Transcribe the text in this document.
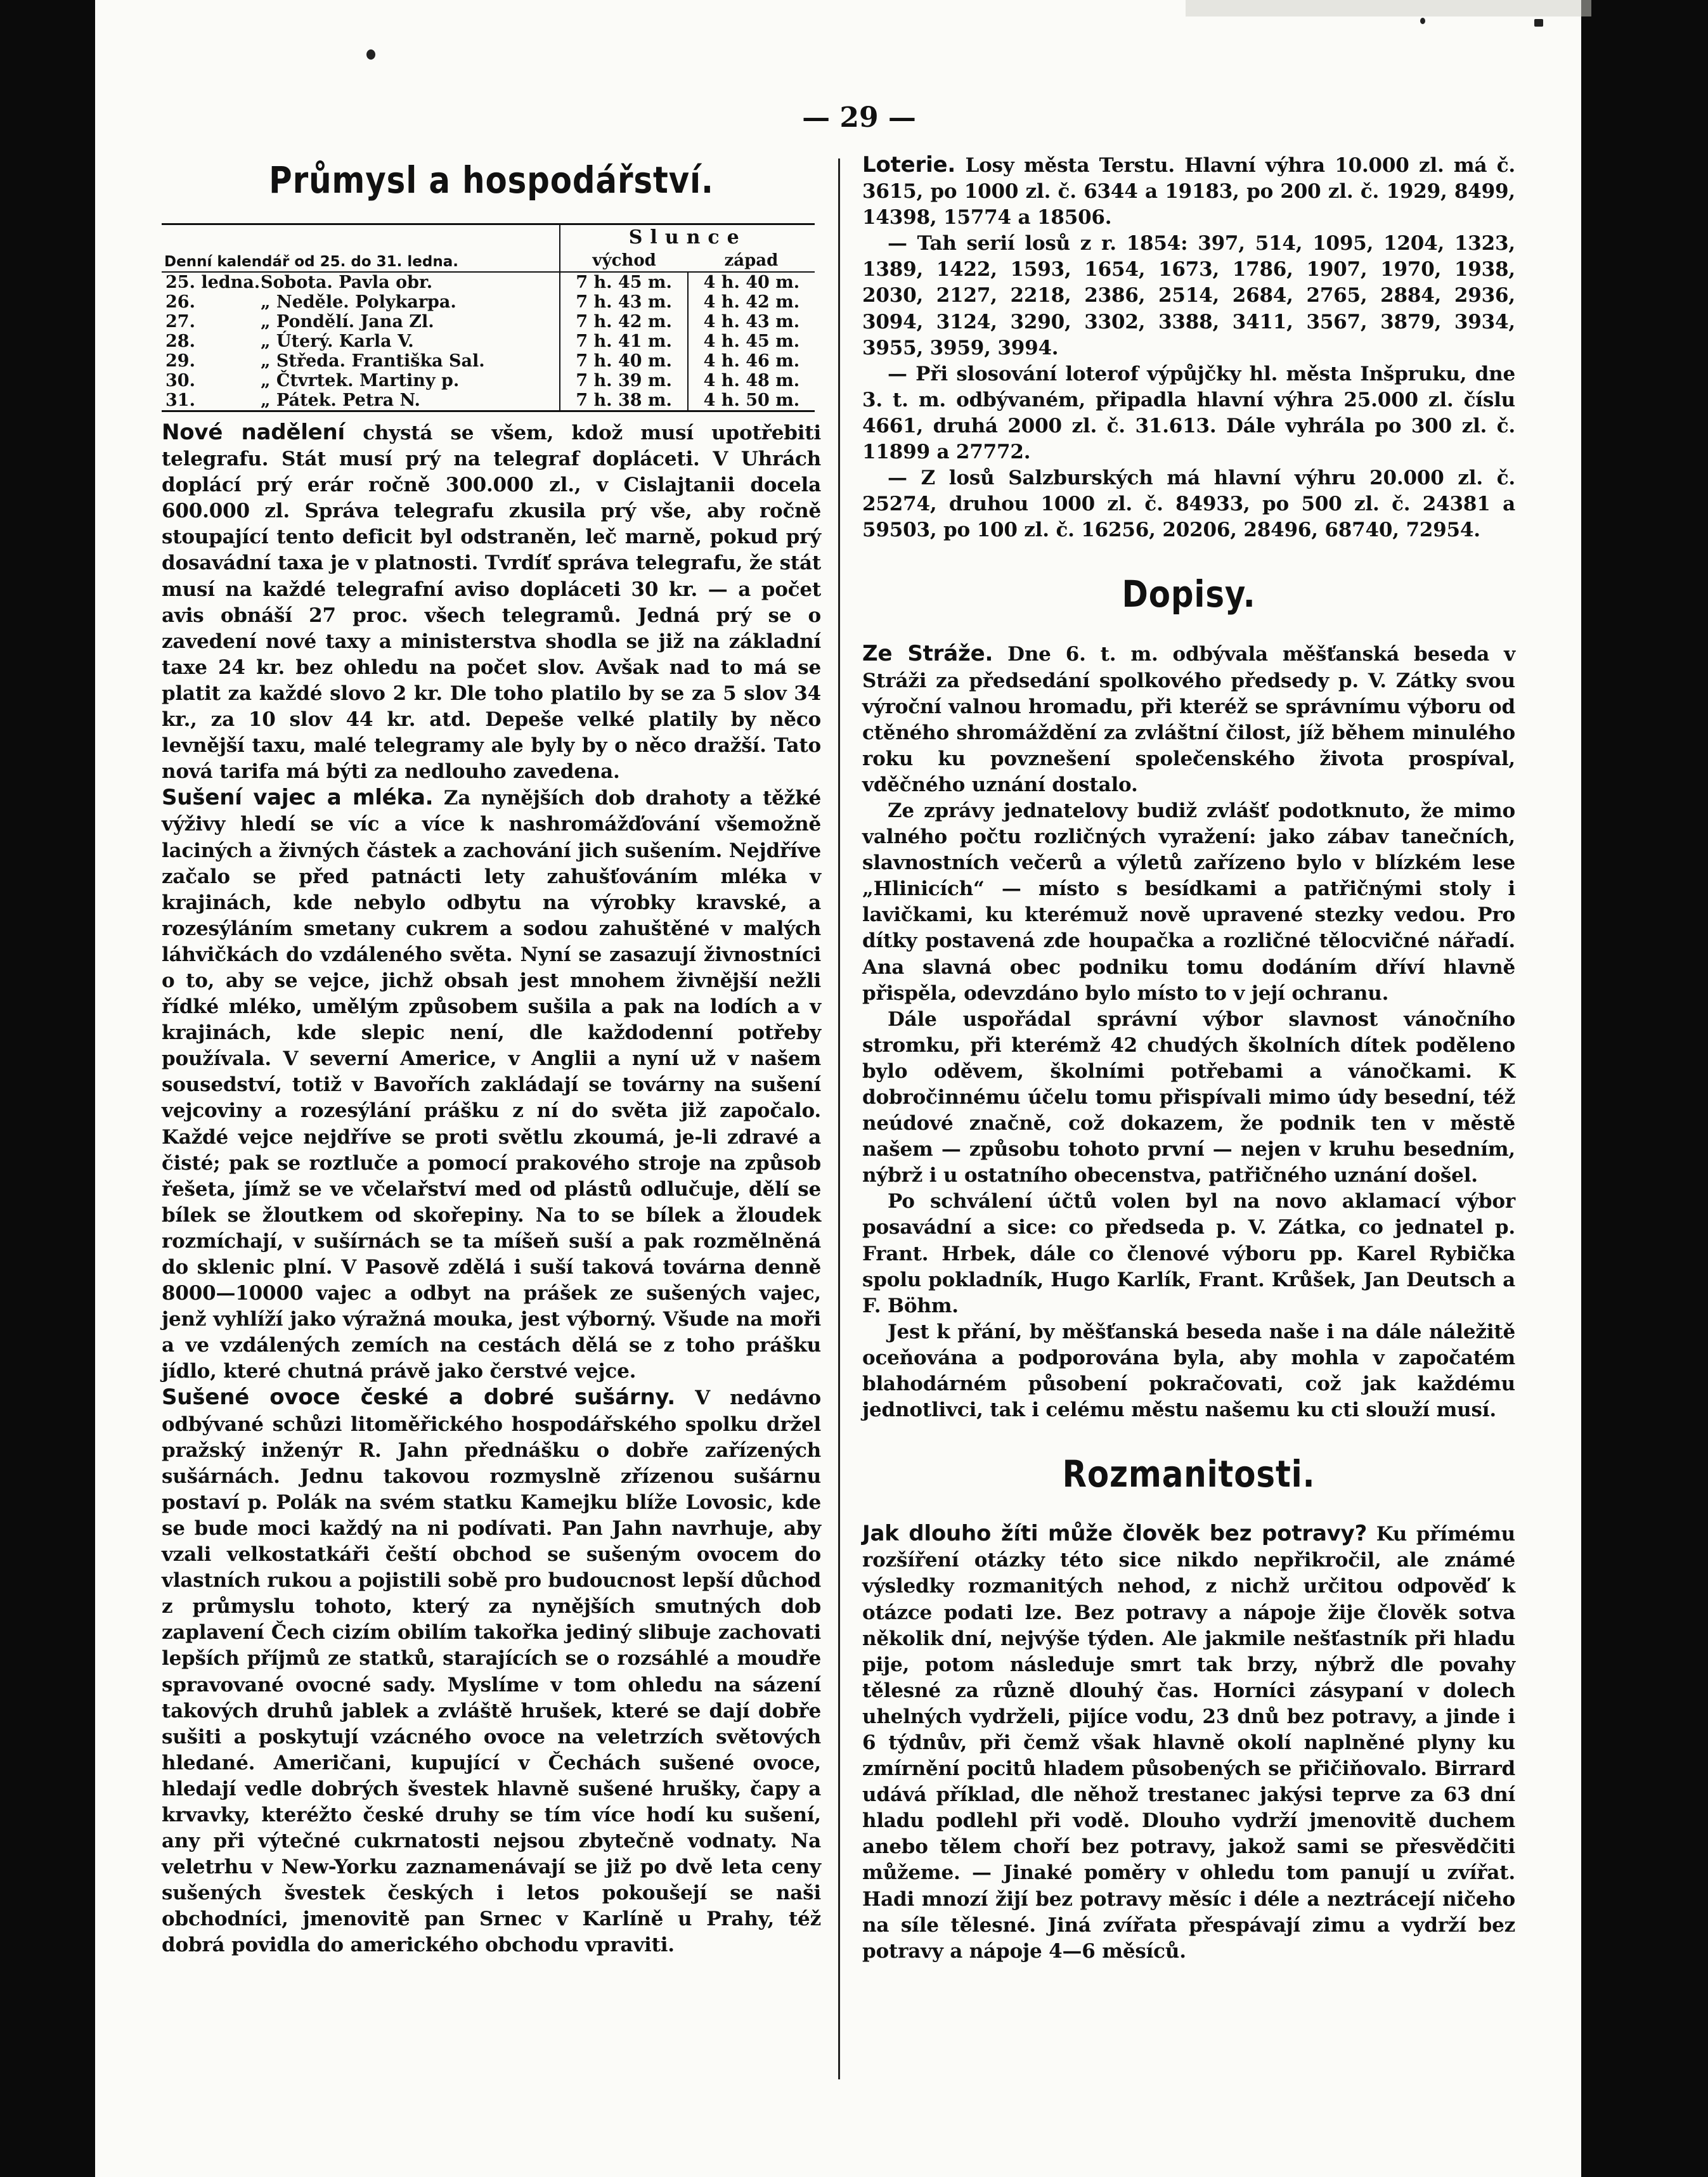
— 29 —
Průmysl a hospodářství.
Denní kalendář od 25. do 31. ledna.	Slunce	
	východ	západ
25. ledna.Sobota. Pavla obr.	7 h. 45 m.	4 h. 40 m.
26. „ Neděle. Polykarpa.	7 h. 43 m.	4 h. 42 m.
27. „ Pondělí. Jana Zl.	7 h. 42 m.	4 h. 43 m.
28. „ Úterý. Karla V.	7 h. 41 m.	4 h. 45 m.
29. „ Středa. Františka Sal.	7 h. 40 m.	4 h. 46 m.
30. „ Čtvrtek. Martiny p.	7 h. 39 m.	4 h. 48 m.
31. „ Pátek. Petra N.	7 h. 38 m.	4 h. 50 m.

Nové nadělení chystá se všem, kdož musí upotřebiti telegrafu. Stát musí prý na telegraf dopláceti. V Uhrách doplácí prý erár ročně 300.000 zl., v Cislajtanii docela 600.000 zl. Správa telegrafu zkusila prý vše, aby ročně stoupající tento deficit byl odstraněn, leč marně, pokud prý dosavádní taxa je v platnosti. Tvrdíť správa telegrafu, že stát musí na každé telegrafní aviso dopláceti 30 kr. — a počet avis obnáší 27 proc. všech telegramů. Jedná prý se o zavedení nové taxy a ministerstva shodla se již na základní taxe 24 kr. bez ohledu na počet slov. Avšak nad to má se platit za každé slovo 2 kr. Dle toho platilo by se za 5 slov 34 kr., za 10 slov 44 kr. atd. Depeše velké platily by něco levnější taxu, malé telegramy ale byly by o něco dražší. Tato nová tarifa má býti za nedlouho zavedena.

Sušení vajec a mléka. Za nynějších dob drahoty a těžké výživy hledí se víc a více k nashromážďování všemožně laciných a živných částek a zachování jich sušením. Nejdříve začalo se před patnácti lety zahušťováním mléka v krajinách, kde nebylo odbytu na výrobky kravské, a rozesýláním smetany cukrem a sodou zahuštěné v malých láhvičkách do vzdáleného světa. Nyní se zasazují živnostníci o to, aby se vejce, jichž obsah jest mnohem živnější nežli řídké mléko, umělým způsobem sušila a pak na lodích a v krajinách, kde slepic není, dle každodenní potřeby používala. V severní Americe, v Anglii a nyní už v našem sousedství, totiž v Bavořích zakládají se továrny na sušení vejcoviny a rozesýlání prášku z ní do světa již započalo. Každé vejce nejdříve se proti světlu zkoumá, je-li zdravé a čisté; pak se roztluče a pomocí prakového stroje na způsob řešeta, jímž se ve včelařství med od plástů odlučuje, dělí se bílek se žloutkem od skořepiny. Na to se bílek a žloudek rozmíchají, v sušírnách se ta míšeň suší a pak rozmělněná do sklenic plní. V Pasově zdělá i suší taková továrna denně 8000—10000 vajec a odbyt na prášek ze sušených vajec, jenž vyhlíží jako výražná mouka, jest výborný. Všude na moři a ve vzdálených zemích na cestách dělá se z toho prášku jídlo, které chutná právě jako čerstvé vejce.

Sušené ovoce české a dobré sušárny. V nedávno odbývané schůzi litoměřického hospodářského spolku držel pražský inženýr R. Jahn přednášku o dobře zařízených sušárnách. Jednu takovou rozmyslně zřízenou sušárnu postaví p. Polák na svém statku Kamejku blíže Lovosic, kde se bude moci každý na ni podívati. Pan Jahn navrhuje, aby vzali velkostatkáři čeští obchod se sušeným ovocem do vlastních rukou a pojistili sobě pro budoucnost lepší důchod z průmyslu tohoto, který za nynějších smutných dob zaplavení Čech cizím obilím takořka jediný slibuje zachovati lepších příjmů ze statků, starajících se o rozsáhlé a moudře spravované ovocné sady. Myslíme v tom ohledu na sázení takových druhů jablek a zvláště hrušek, které se dají dobře sušiti a poskytují vzácného ovoce na veletrzích světových hledané. Američani, kupující v Čechách sušené ovoce, hledají vedle dobrých švestek hlavně sušené hrušky, čapy a krvavky, kteréžto české druhy se tím více hodí ku sušení, any při výtečné cukrnatosti nejsou zbytečně vodnaty. Na veletrhu v New-Yorku zaznamenávají se již po dvě leta ceny sušených švestek českých i letos pokoušejí se naši obchodníci, jmenovitě pan Srnec v Karlíně u Prahy, též dobrá povidla do amerického obchodu vpraviti.

Loterie. Losy města Terstu. Hlavní výhra 10.000 zl. má č. 3615, po 1000 zl. č. 6344 a 19183, po 200 zl. č. 1929, 8499, 14398, 15774 a 18506.

— Tah serií losů z r. 1854: 397, 514, 1095, 1204, 1323, 1389, 1422, 1593, 1654, 1673, 1786, 1907, 1970, 1938, 2030, 2127, 2218, 2386, 2514, 2684, 2765, 2884, 2936, 3094, 3124, 3290, 3302, 3388, 3411, 3567, 3879, 3934, 3955, 3959, 3994.

— Při slosování loterof výpůjčky hl. města Inšpruku, dne 3. t. m. odbývaném, připadla hlavní výhra 25.000 zl. číslu 4661, druhá 2000 zl. č. 31.613. Dále vyhrála po 300 zl. č. 11899 a 27772.

— Z losů Salzburských má hlavní výhru 20.000 zl. č. 25274, druhou 1000 zl. č. 84933, po 500 zl. č. 24381 a 59503, po 100 zl. č. 16256, 20206, 28496, 68740, 72954.

Dopisy.

Ze Stráže. Dne 6. t. m. odbývala měšťanská beseda v Stráži za předsedání spolkového předsedy p. V. Zátky svou výroční valnou hromadu, při kteréž se správnímu výboru od ctěného shromáždění za zvláštní čilost, jíž během minulého roku ku povznešení společenského života prospíval, vděčného uznání dostalo.

Ze zprávy jednatelovy budiž zvlášť podotknuto, že mimo valného počtu rozličných vyražení: jako zábav tanečních, slavnostních večerů a výletů zařízeno bylo v blízkém lese „Hlinicích“ — místo s besídkami a patřičnými stoly i lavičkami, ku kterémuž nově upravené stezky vedou. Pro dítky postavená zde houpačka a rozličné tělocvičné nářadí. Ana slavná obec podniku tomu dodáním dříví hlavně přispěla, odevzdáno bylo místo to v její ochranu.

Dále uspořádal správní výbor slavnost vánočního stromku, při kterémž 42 chudých školních dítek poděleno bylo oděvem, školními potřebami a vánočkami. K dobročinnému účelu tomu přispívali mimo údy besední, též neúdové značně, což dokazem, že podnik ten v městě našem — způsobu tohoto první — nejen v kruhu besedním, nýbrž i u ostatního obecenstva, patřičného uznání došel.

Po schválení účtů volen byl na novo aklamací výbor posavádní a sice: co předseda p. V. Zátka, co jednatel p. Frant. Hrbek, dále co členové výboru pp. Karel Rybička spolu pokladník, Hugo Karlík, Frant. Krůšek, Jan Deutsch a F. Böhm.

Jest k přání, by měšťanská beseda naše i na dále náležitě oceňována a podporována byla, aby mohla v započatém blahodárném působení pokračovati, což jak každému jednotlivci, tak i celému městu našemu ku cti slouží musí.

Rozmanitosti.

Jak dlouho žíti může člověk bez potravy? Ku přímému rozšíření otázky této sice nikdo nepřikročil, ale známé výsledky rozmanitých nehod, z nichž určitou odpověď k otázce podati lze. Bez potravy a nápoje žije člověk sotva několik dní, nejvýše týden. Ale jakmile nešťastník při hladu pije, potom následuje smrt tak brzy, nýbrž dle povahy tělesné za různě dlouhý čas. Horníci zásypaní v dolech uhelných vydrželi, pijíce vodu, 23 dnů bez potravy, a jinde i 6 týdnův, při čemž však hlavně okolí naplněné plyny ku zmírnění pocitů hladem působených se přičiňovalo. Birrard udává příklad, dle něhož trestanec jakýsi teprve za 63 dní hladu podlehl při vodě. Dlouho vydrží jmenovitě duchem anebo tělem choří bez potravy, jakož sami se přesvědčiti můžeme. — Jinaké poměry v ohledu tom panují u zvířat. Hadi mnozí žijí bez potravy měsíc i déle a neztrácejí ničeho na síle tělesné. Jiná zvířata přespávají zimu a vydrží bez potravy a nápoje 4—6 měsíců.
